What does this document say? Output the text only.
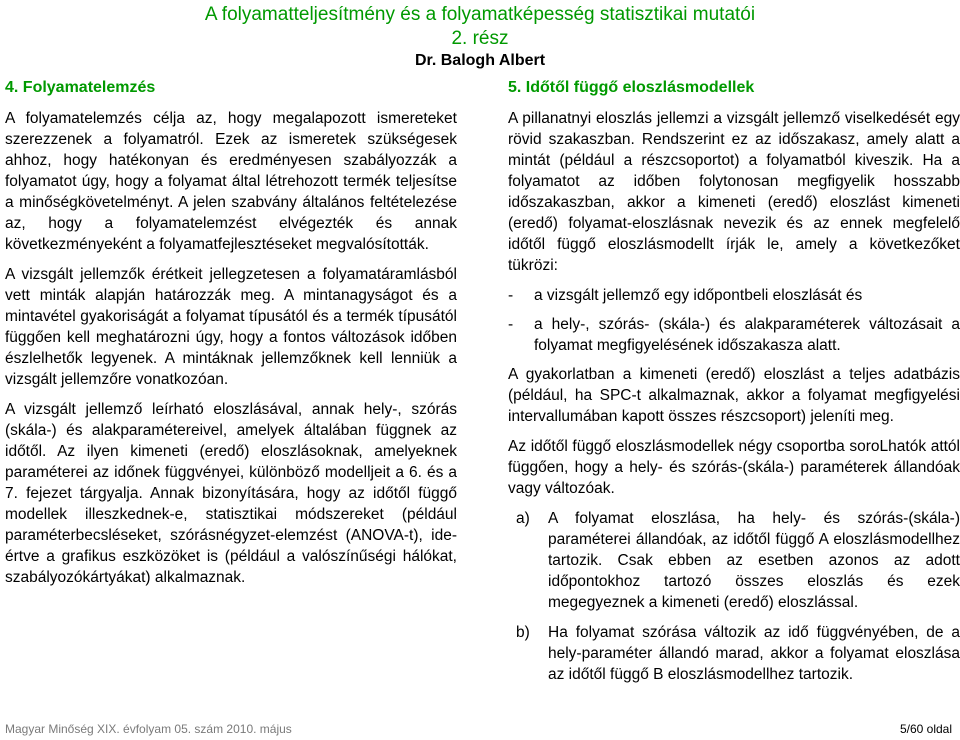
A folyamatteljesítmény és a folyamatképesség statisztikai mutatói
2. rész
Dr. Balogh Albert
4. Folyamatelemzés

A folyamatelemzés célja az, hogy megalapozott ismereteket szerezzenek a folyamatról. Ezek az ismeretek szükségesek ahhoz, hogy hatékonyan és eredményesen szabályozzák a folyamatot úgy, hogy a folyamat által létrehozott termék teljesítse a minőségkövetelményt. A jelen szabvány általános feltételezése az, hogy a folyamatelemzést elvégezték és annak következményeként a folyamatfejlesztéseket megvalósították.

A vizsgált jellemzők érétkeit jellegzetesen a folyamatáramlásból vett minták alapján határozzák meg. A mintanagyságot és a mintavétel gyakoriságát a folyamat típusától és a termék típusától függően kell meghatározni úgy, hogy a fontos változások időben észlelhetők legyenek. A mintáknak jellemzőknek kell lenniük a vizsgált jellemzőre vonatkozóan.

A vizsgált jellemző leírható eloszlásával, annak hely-, szórás (skála-) és alakparamétereivel, amelyek általában függnek az időtől. Az ilyen kimeneti (eredő) eloszlásoknak, amelyeknek paraméterei az időnek függvényei, különböző modelljeit a 6. és a 7. fejezet tárgyalja. Annak bizonyítására, hogy az időtől függő modellek illeszkednek-e, statisztikai módszereket (például paraméterbecsléseket, szórásnégyzet-elemzést (ANOVA-t), ideértve a grafikus eszközöket is (például a valószínűségi hálókat, szabályozókártyákat) alkalmaznak.

5. Időtől függő eloszlásmodellek

A pillanatnyi eloszlás jellemzi a vizsgált jellemző viselkedését egy rövid szakaszban. Rendszerint ez az időszakasz, amely alatt a mintát (például a részcsoportot) a folyamatból kiveszik. Ha a folyamatot az időben folytonosan megfigyelik hosszabb időszakaszban, akkor a kimeneti (eredő) eloszlást kimeneti (eredő) folyamat-eloszlásnak nevezik és az ennek megfelelő időtől függő eloszlásmodellt írják le, amely a következőket tükrözi:

- a vizsgált jellemző egy időpontbeli eloszlását és
- a hely-, szórás- (skála-) és alakparaméterek változásait a folyamat megfigyelésének időszakasza alatt.

A gyakorlatban a kimeneti (eredő) eloszlást a teljes adatbázis (például, ha SPC-t alkalmaznak, akkor a folyamat megfigyelési intervallumában kapott összes részcsoport) jeleníti meg.

Az időtől függő eloszlásmodellek négy csoportba soroLhatók attól függően, hogy a hely- és szórás-(skála-) paraméterek állandóak vagy változóak.

a) A folyamat eloszlása, ha hely- és szórás-(skála-) paraméterei állandóak, az időtől függő A eloszlásmodellhez tartozik. Csak ebben az esetben azonos az adott időpontokhoz tartozó összes eloszlás és ezek megegyeznek a kimeneti (eredő) eloszlással.
b) Ha folyamat szórása változik az idő függvényében, de a hely-paraméter állandó marad, akkor a folyamat eloszlása az időtől függő B eloszlásmodellhez tartozik.
Magyar Minőség XIX. évfolyam 05. szám 2010. május	5/60 oldal
